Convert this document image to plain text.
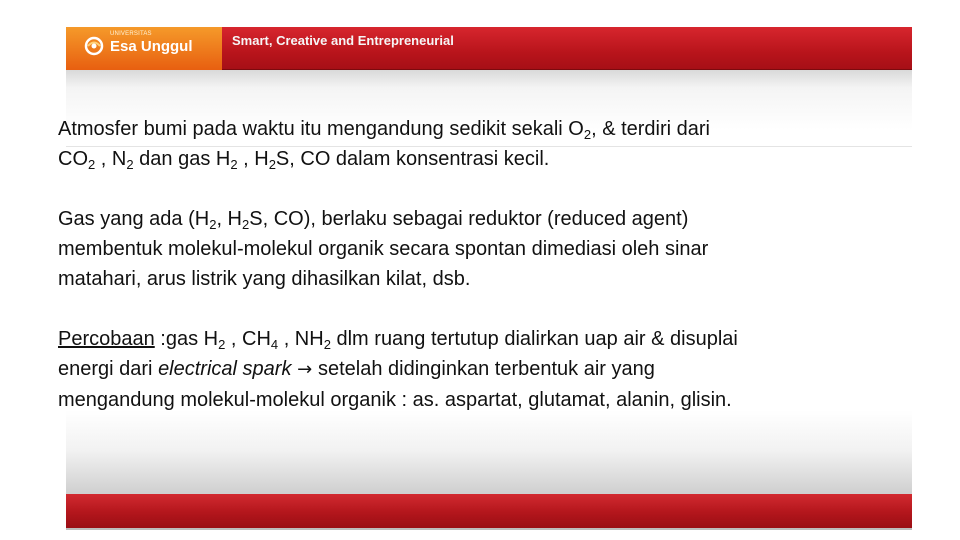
UNIVERSITAS
Esa Unggul	Smart, Creative and Entrepreneurial

Atmosfer bumi pada waktu itu mengandung sedikit sekali $O_2$, & terdiri dari
$CO_2$ , $N_2$ dan gas $H_2$ , $H_2S$, CO dalam konsentrasi kecil.

Gas yang ada ($H_2$, $H_2S$, CO), berlaku sebagai reduktor (reduced agent)
membentuk molekul-molekul organik secara spontan dimediasi oleh sinar
matahari, arus listrik yang dihasilkan kilat, dsb.

Percobaan :gas $H_2$ , $CH_4$ , $NH_2$ dlm ruang tertutup dialirkan uap air & disuplai
energi dari electrical spark → setelah didinginkan terbentuk air yang
mengandung molekul-molekul organik : as. aspartat, glutamat, alanin, glisin.
